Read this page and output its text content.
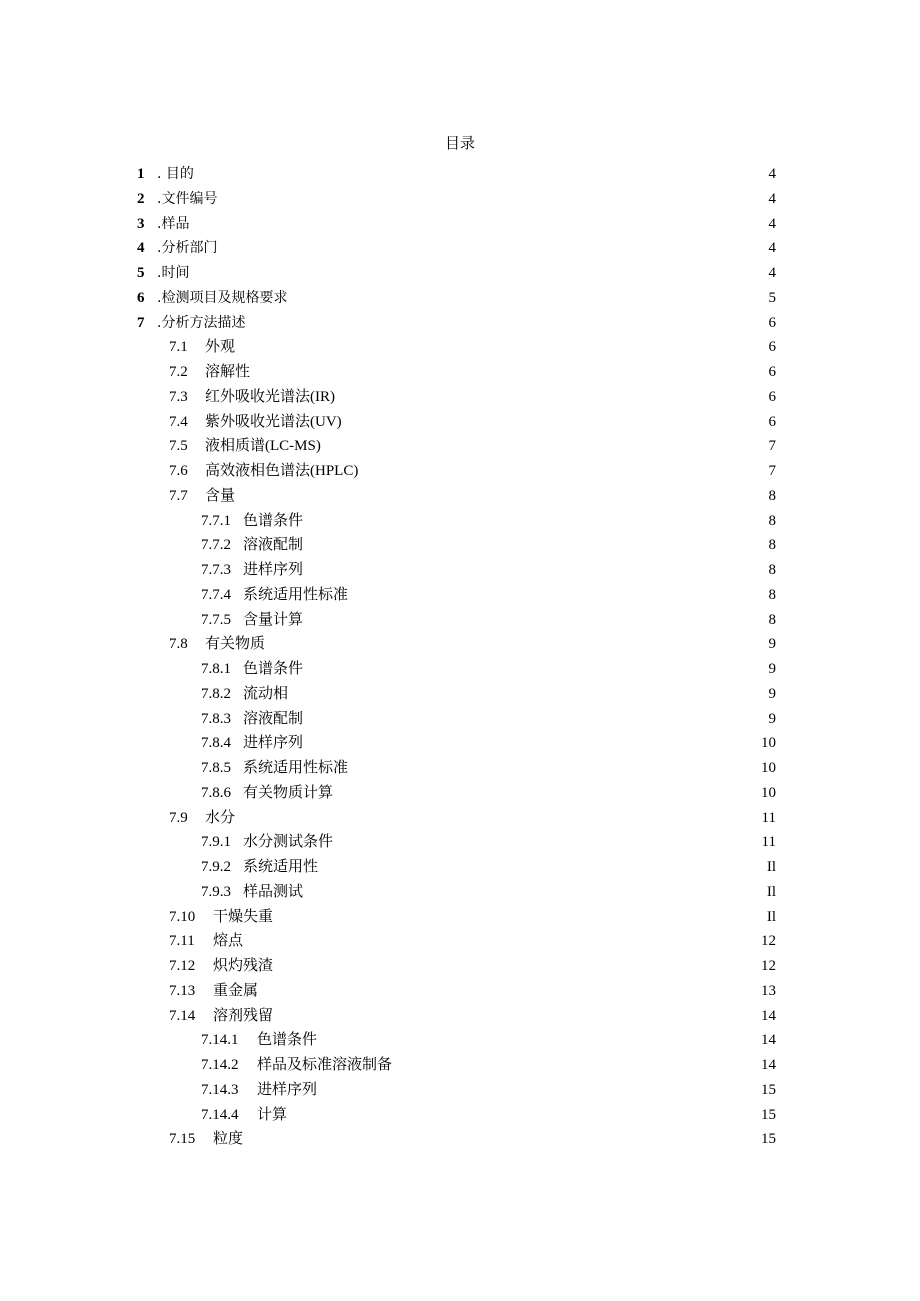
目录
1 . 目的	4
2 .文件编号	4
3 .样品	4
4 .分析部门	4
5 .时间	4
6 .检测项目及规格要求	5
7 .分析方法描述	6
7.1 外观	6
7.2 溶解性	6
7.3 红外吸收光谱法(IR)	6
7.4 紫外吸收光谱法(UV)	6
7.5 液相质谱(LC-MS)	7
7.6 高效液相色谱法(HPLC)	7
7.7 含量	8
7.7.1 色谱条件	8
7.7.2 溶液配制	8
7.7.3 进样序列	8
7.7.4 系统适用性标准	8
7.7.5 含量计算	8
7.8 有关物质	9
7.8.1 色谱条件	9
7.8.2 流动相	9
7.8.3 溶液配制	9
7.8.4 进样序列	10
7.8.5 系统适用性标准	10
7.8.6 有关物质计算	10
7.9 水分	11
7.9.1 水分测试条件	11
7.9.2 系统适用性	Il
7.9.3 样品测试	Il
7.10 干燥失重	Il
7.11 熔点	12
7.12 炽灼残渣	12
7.13 重金属	13
7.14 溶剂残留	14
7.14.1 色谱条件	14
7.14.2 样品及标准溶液制备	14
7.14.3 进样序列	15
7.14.4 计算	15
7.15 粒度	15
